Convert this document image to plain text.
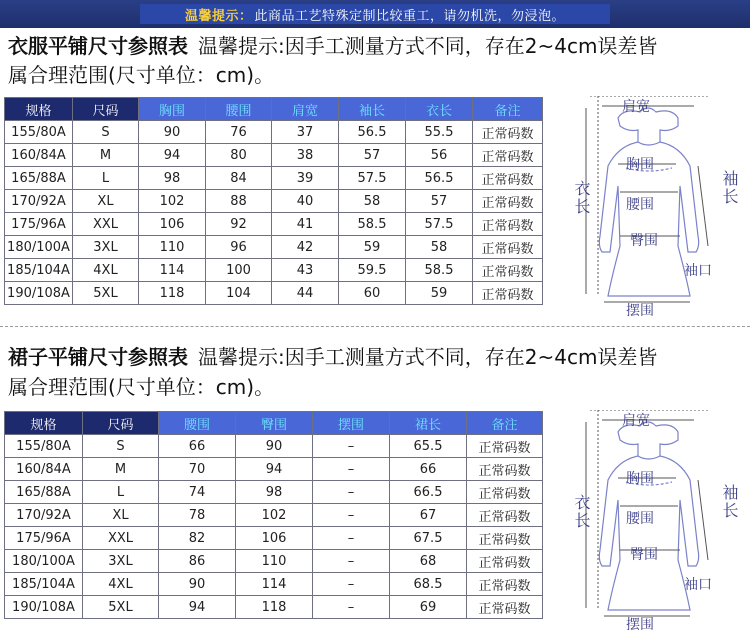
温馨提示： 此商品工艺特殊定制比较重工，请勿机洗，勿浸泡。
衣服平铺尺寸参照表 温馨提示:因手工测量方式不同，存在2~4cm误差皆
属合理范围(尺寸单位：cm)。
规格	尺码	胸围	腰围	肩宽	袖长	衣长	备注
155/80A	S	90	76	37	56.5	55.5	正常码数
160/84A	M	94	80	38	57	56	正常码数
165/88A	L	98	84	39	57.5	56.5	正常码数
170/92A	XL	102	88	40	58	57	正常码数
175/96A	XXL	106	92	41	58.5	57.5	正常码数
180/100A	3XL	110	96	42	59	58	正常码数
185/104A	4XL	114	100	43	59.5	58.5	正常码数
190/108A	5XL	118	104	44	60	59	正常码数
肩宽
胸围
腰围
臀围
衣长	袖长
袖口
摆围
裙子平铺尺寸参照表 温馨提示:因手工测量方式不同，存在2~4cm误差皆
属合理范围(尺寸单位：cm)。
规格	尺码	腰围	臀围	摆围	裙长	备注
155/80A	S	66	90	–	65.5	正常码数
160/84A	M	70	94	–	66	正常码数
165/88A	L	74	98	–	66.5	正常码数
170/92A	XL	78	102	–	67	正常码数
175/96A	XXL	82	106	–	67.5	正常码数
180/100A	3XL	86	110	–	68	正常码数
185/104A	4XL	90	114	–	68.5	正常码数
190/108A	5XL	94	118	–	69	正常码数
肩宽
胸围
腰围
臀围
衣长	袖长
袖口
摆围
